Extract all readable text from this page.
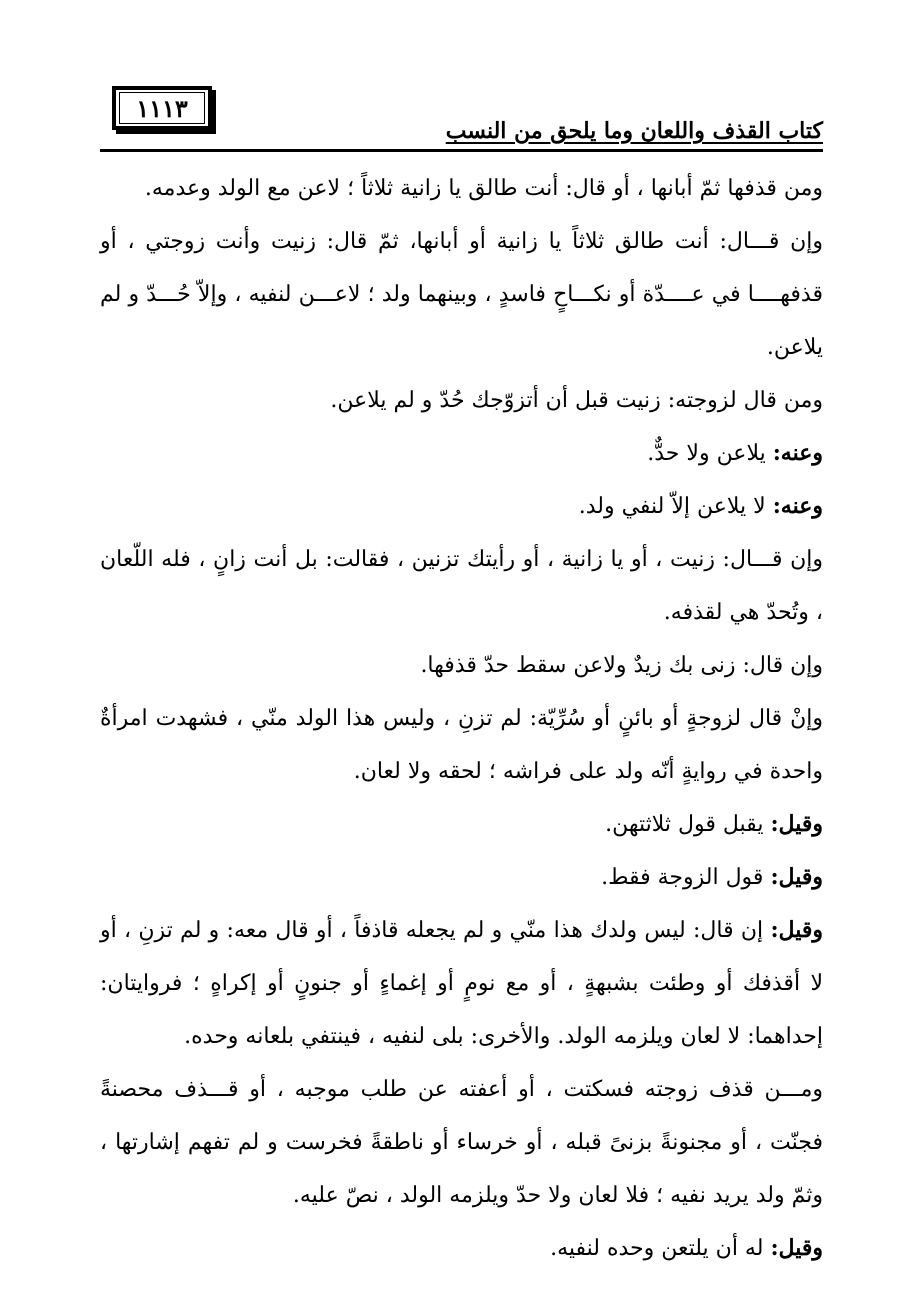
١١١٣
كتاب القذف واللعان وما يلحق من النسب

ومن قذفها ثمّ أبانها ، أو قال: أنت طالق يا زانية ثلاثاً ؛ لاعن مع الولد وعدمه.

وإن قـــال: أنت طالق ثلاثاً يا زانية أو أبانها، ثمّ قال: زنيت وأنت زوجتي ، أو قذفهــــا في عــــدّة أو نكـــاحٍ فاسدٍ ، وبينهما ولد ؛ لاعـــن لنفيه ، وإلاّ حُـــدّ و لم يلاعن.

ومن قال لزوجته: زنيت قبل أن أتزوّجك حُدّ و لم يلاعن.

وعنه: يلاعن ولا حدٌّ.

وعنه: لا يلاعن إلاّ لنفي ولد.

وإن قـــال: زنيت ، أو يا زانية ، أو رأيتك تزنين ، فقالت: بل أنت زانٍ ، فله اللّعان ، وتُحدّ هي لقذفه.

وإن قال: زنى بك زيدٌ ولاعن سقط حدّ قذفها.

وإنْ قال لزوجةٍ أو بائنٍ أو سُرِّيّة: لم تزنِ ، وليس هذا الولد منّي ، فشهدت امرأةٌ واحدة في روايةٍ أنّه ولد على فراشه ؛ لحقه ولا لعان.

وقيل: يقبل قول ثلاثتهن.

وقيل: قول الزوجة فقط.

وقيل: إن قال: ليس ولدك هذا منّي و لم يجعله قاذفاً ، أو قال معه: و لم تزنِ ، أو لا أقذفك أو وطئت بشبهةٍ ، أو مع نومٍ أو إغماءٍ أو جنونٍ أو إكراهٍ ؛ فروايتان: إحداهما: لا لعان ويلزمه الولد. والأخرى: بلى لنفيه ، فينتفي بلعانه وحده.

ومـــن قذف زوجته فسكتت ، أو أعفته عن طلب موجبه ، أو قـــذف محصنةً فجنّت ، أو مجنونةً بزنىً قبله ، أو خرساء أو ناطقةً فخرست و لم تفهم إشارتها ، وثمّ ولد يريد نفيه ؛ فلا لعان ولا حدّ ويلزمه الولد ، نصّ عليه.

وقيل: له أن يلتعن وحده لنفيه.
